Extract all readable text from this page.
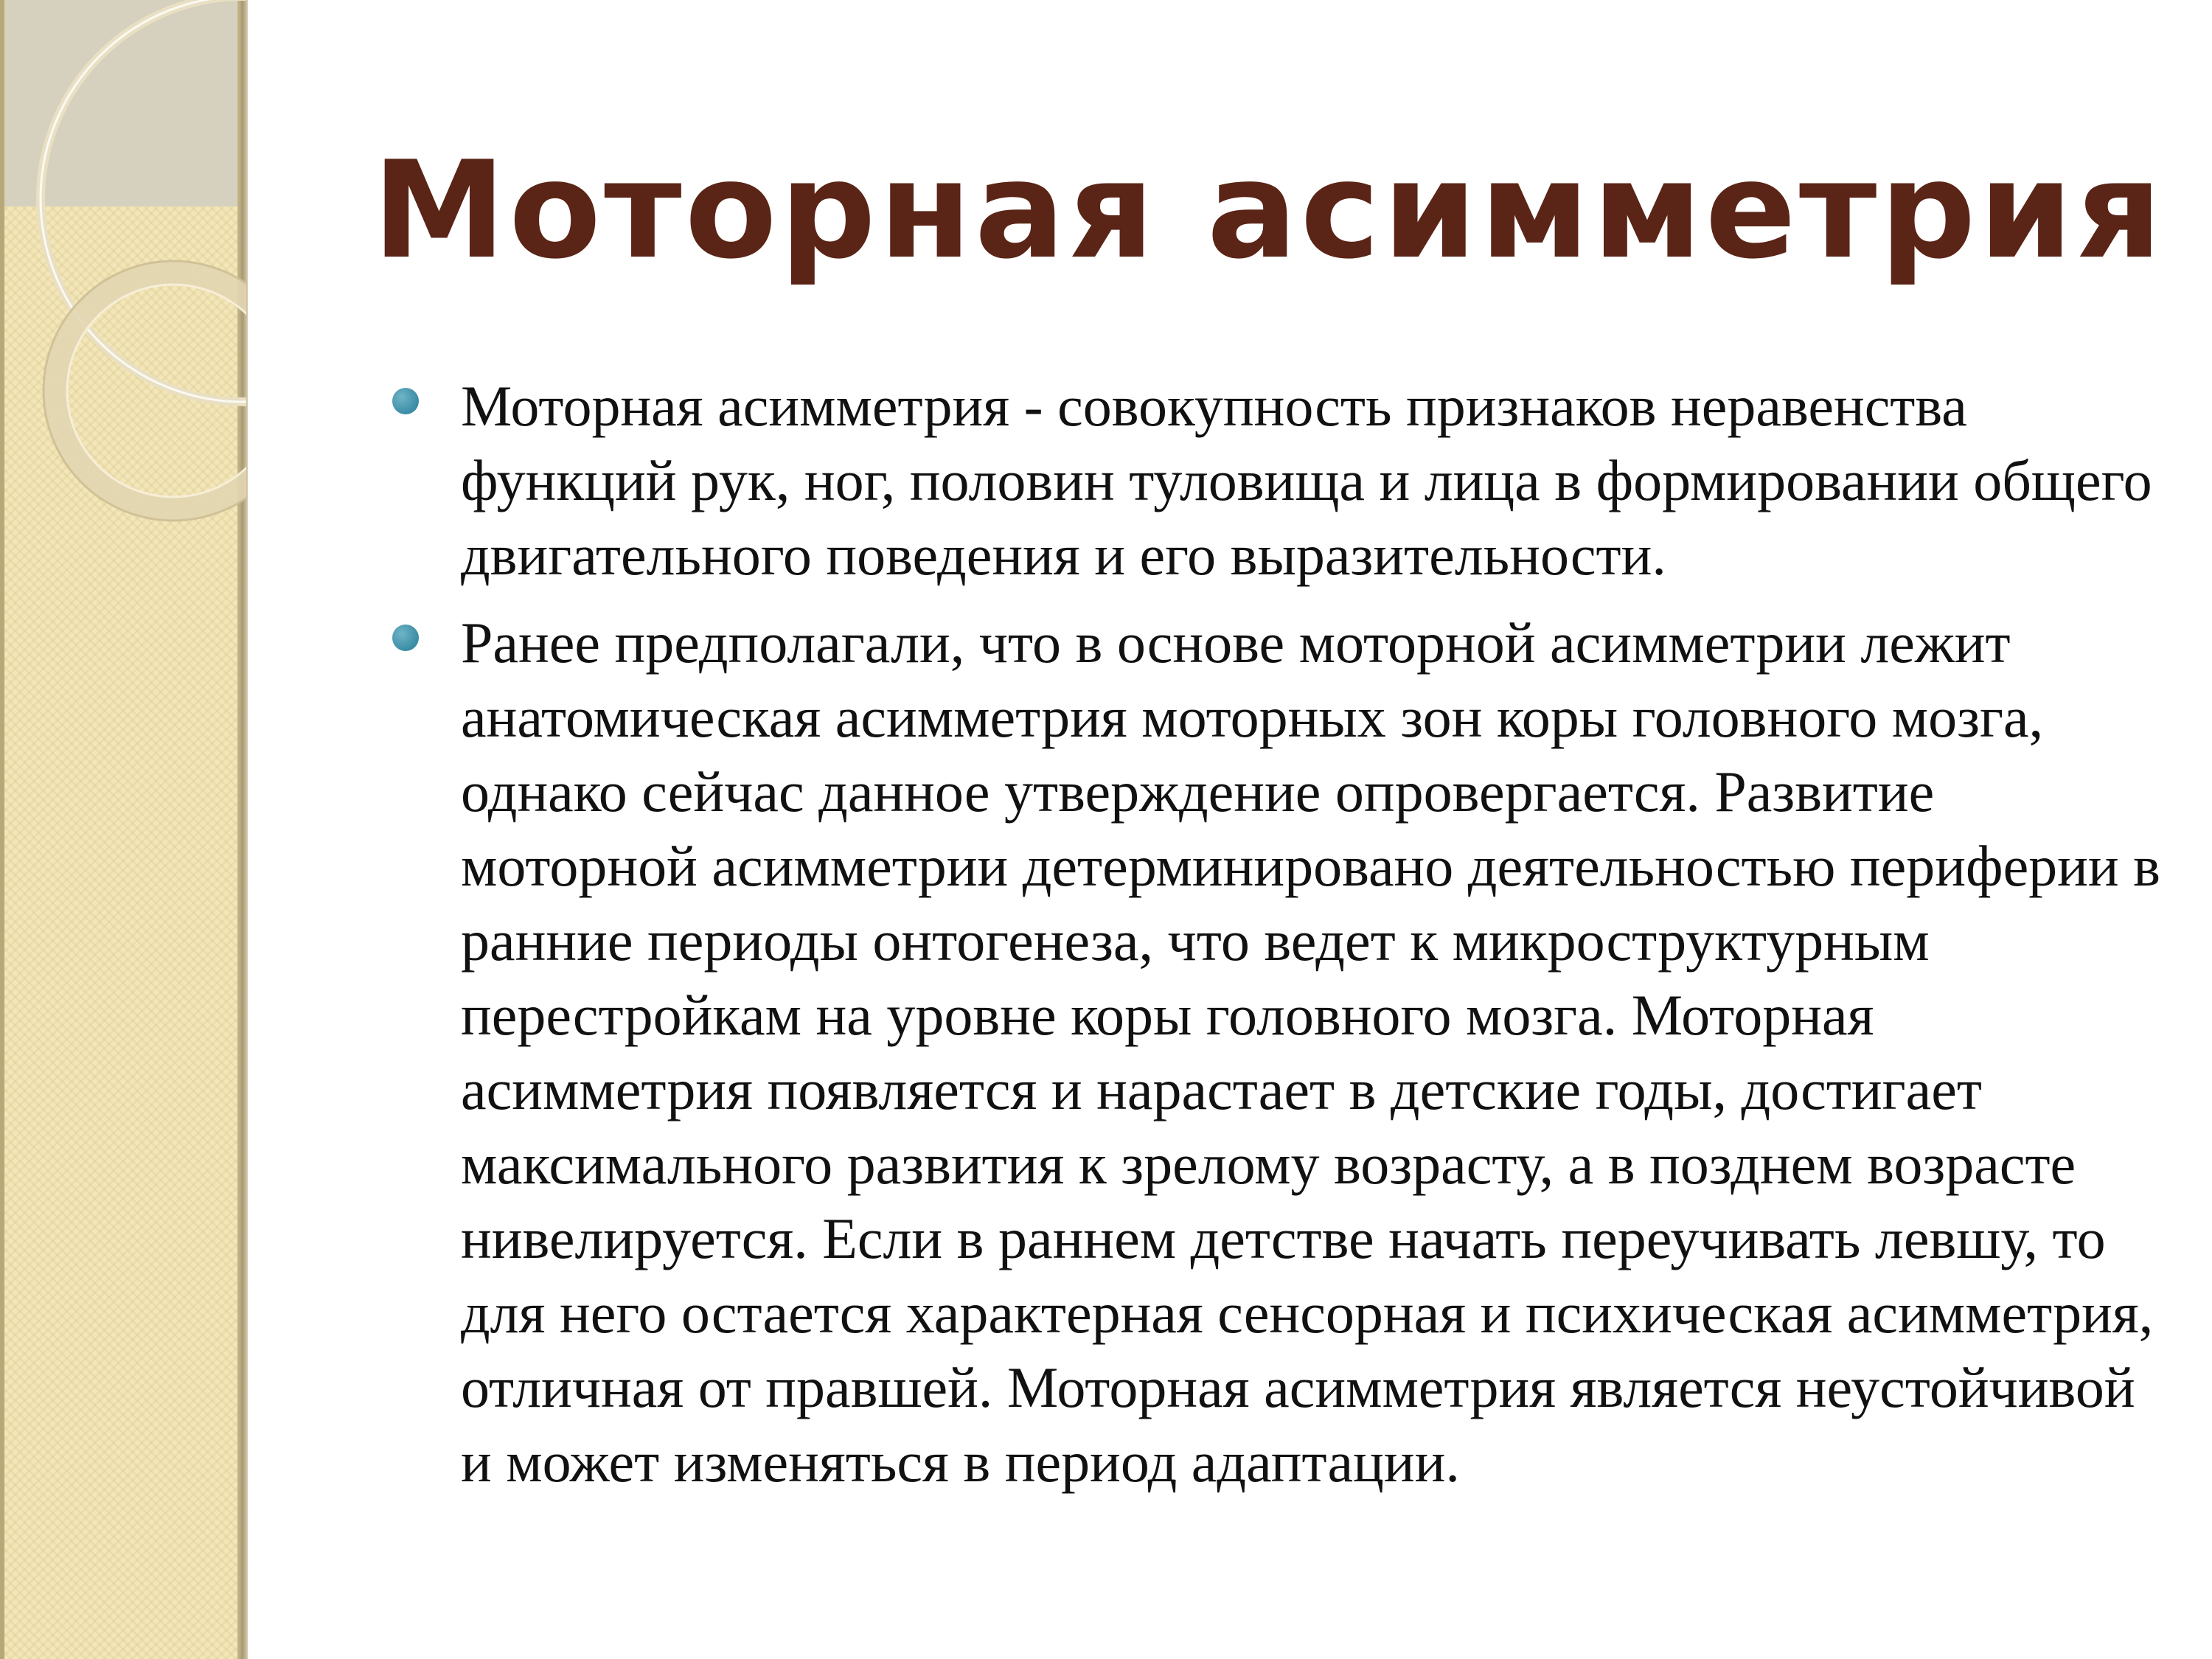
Моторная асимметрия
Моторная асимметрия - совокупность признаков неравенства функций рук, ног, половин туловища и лица в формировании общего двигательного поведения и его выразительности.
Ранее предполагали, что в основе моторной асимметрии лежит анатомическая асимметрия моторных зон коры головного мозга, однако сейчас данное утверждение опровергается. Развитие моторной асимметрии детерминировано деятельностью периферии в ранние периоды онтогенеза, что ведет к микроструктурным перестройкам на уровне коры головного мозга. Моторная асимметрия появляется и нарастает в детские годы, достигает максимального развития к зрелому возрасту, а в позднем возрасте нивелируется. Если в раннем детстве начать переучивать левшу, то для него остается характерная сенсорная и психическая асимметрия, отличная от правшей. Моторная асимметрия является неустойчивой и может изменяться в период адаптации.
